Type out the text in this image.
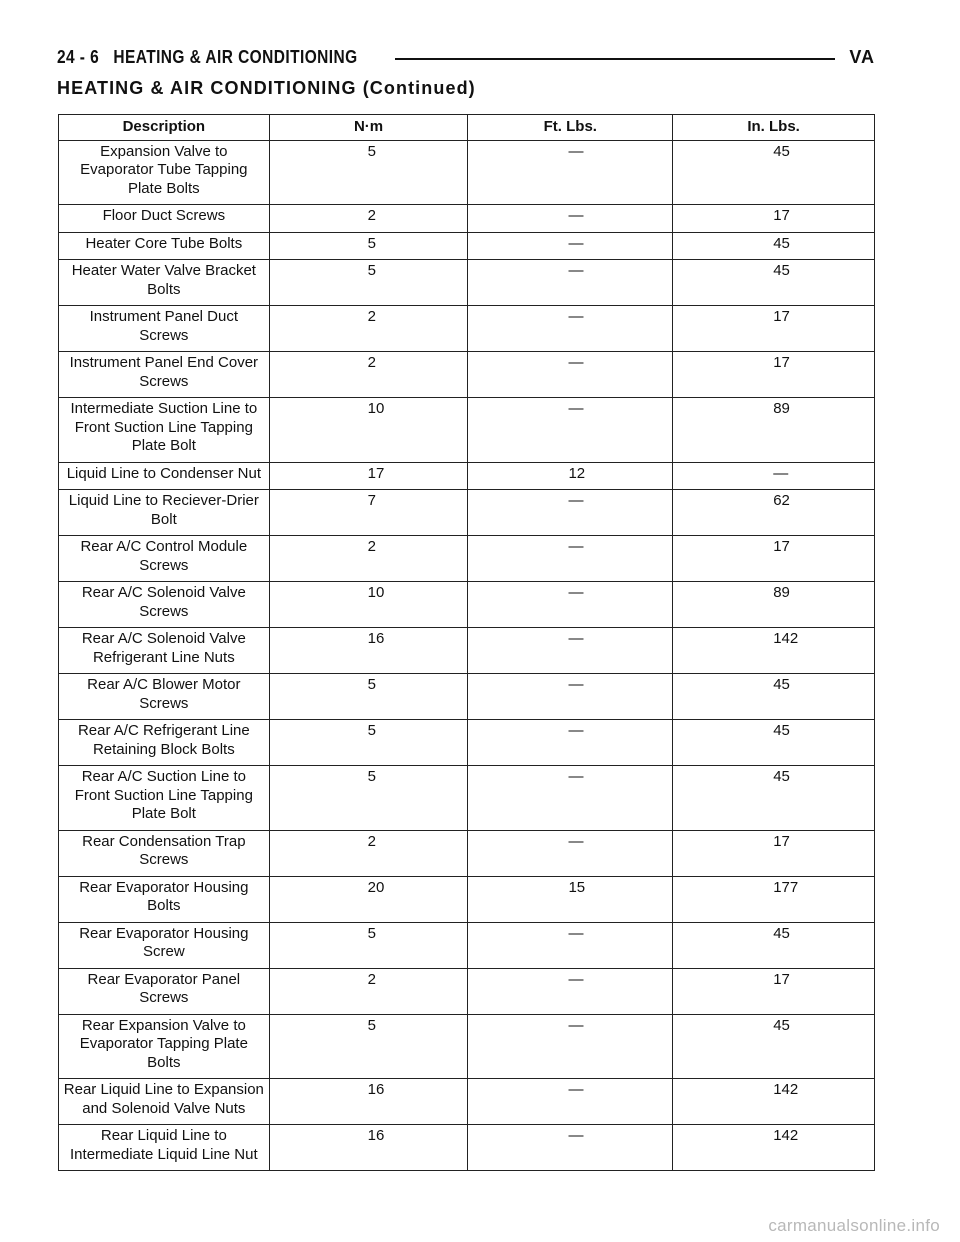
24 - 6 HEATING & AIR CONDITIONING	VA
HEATING & AIR CONDITIONING (Continued)
Description	N·m	Ft. Lbs.	In. Lbs.
Expansion Valve to Evaporator Tube Tapping Plate Bolts	5	—	45
Floor Duct Screws	2	—	17
Heater Core Tube Bolts	5	—	45
Heater Water Valve Bracket Bolts	5	—	45
Instrument Panel Duct Screws	2	—	17
Instrument Panel End Cover Screws	2	—	17
Intermediate Suction Line to Front Suction Line Tapping Plate Bolt	10	—	89
Liquid Line to Condenser Nut	17	12	—
Liquid Line to Reciever-Drier Bolt	7	—	62
Rear A/C Control Module Screws	2	—	17
Rear A/C Solenoid Valve Screws	10	—	89
Rear A/C Solenoid Valve Refrigerant Line Nuts	16	—	142
Rear A/C Blower Motor Screws	5	—	45
Rear A/C Refrigerant Line Retaining Block Bolts	5	—	45
Rear A/C Suction Line to Front Suction Line Tapping Plate Bolt	5	—	45
Rear Condensation Trap Screws	2	—	17
Rear Evaporator Housing Bolts	20	15	177
Rear Evaporator Housing Screw	5	—	45
Rear Evaporator Panel Screws	2	—	17
Rear Expansion Valve to Evaporator Tapping Plate Bolts	5	—	45
Rear Liquid Line to Expansion and Solenoid Valve Nuts	16	—	142
Rear Liquid Line to Intermediate Liquid Line Nut	16	—	142
carmanualsonline.info
